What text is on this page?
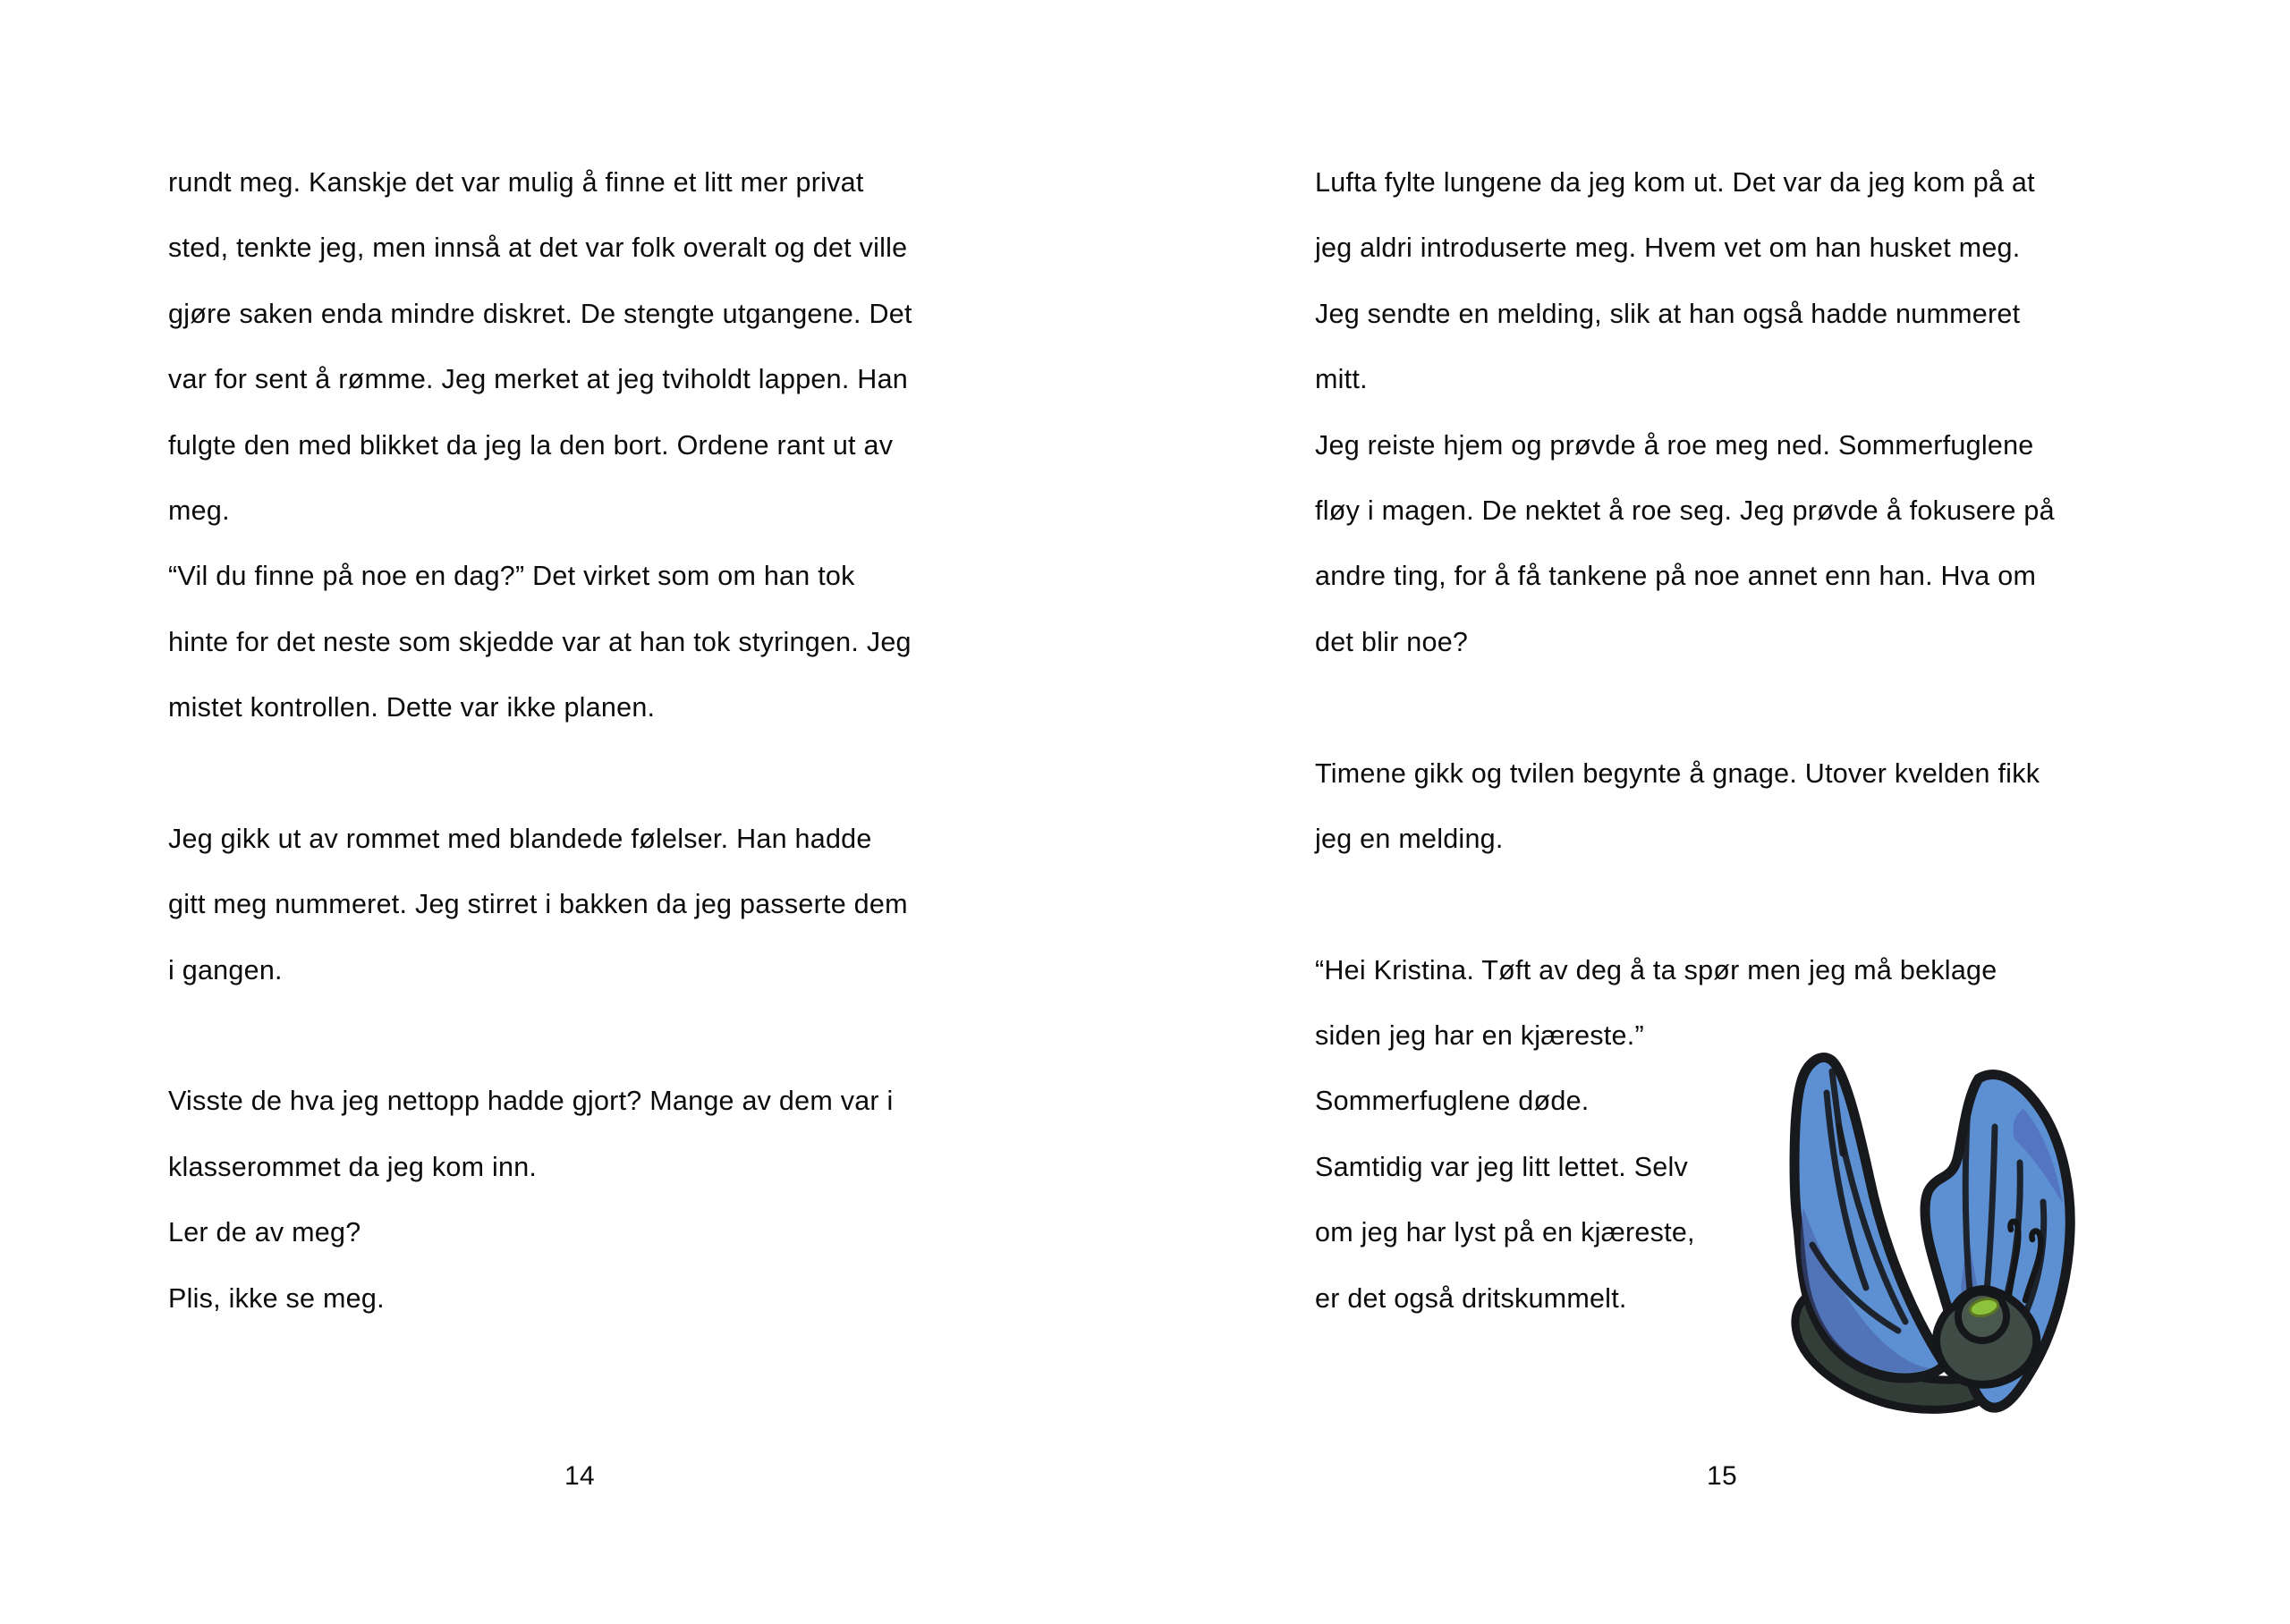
rundt meg. Kanskje det var mulig å finne et litt mer privat
sted, tenkte jeg, men innså at det var folk overalt og det ville
gjøre saken enda mindre diskret. De stengte utgangene. Det
var for sent å rømme. Jeg merket at jeg tviholdt lappen. Han
fulgte den med blikket da jeg la den bort. Ordene rant ut av
meg.
“Vil du finne på noe en dag?” Det virket som om han tok
hinte for det neste som skjedde var at han tok styringen. Jeg
mistet kontrollen. Dette var ikke planen.

Jeg gikk ut av rommet med blandede følelser. Han hadde
gitt meg nummeret. Jeg stirret i bakken da jeg passerte dem
i gangen.

Visste de hva jeg nettopp hadde gjort? Mange av dem var i
klasserommet da jeg kom inn.
Ler de av meg?
Plis, ikke se meg.
Lufta fylte lungene da jeg kom ut. Det var da jeg kom på at
jeg aldri introduserte meg. Hvem vet om han husket meg.
Jeg sendte en melding, slik at han også hadde nummeret
mitt.
Jeg reiste hjem og prøvde å roe meg ned. Sommerfuglene
fløy i magen. De nektet å roe seg. Jeg prøvde å fokusere på
andre ting, for å få tankene på noe annet enn han. Hva om
det blir noe?

Timene gikk og tvilen begynte å gnage. Utover kvelden fikk
jeg en melding.

“Hei Kristina. Tøft av deg å ta spør men jeg må beklage
siden jeg har en kjæreste.”
Sommerfuglene døde.
Samtidig var jeg litt lettet. Selv
om jeg har lyst på en kjæreste,
er det også dritskummelt.
14	15
